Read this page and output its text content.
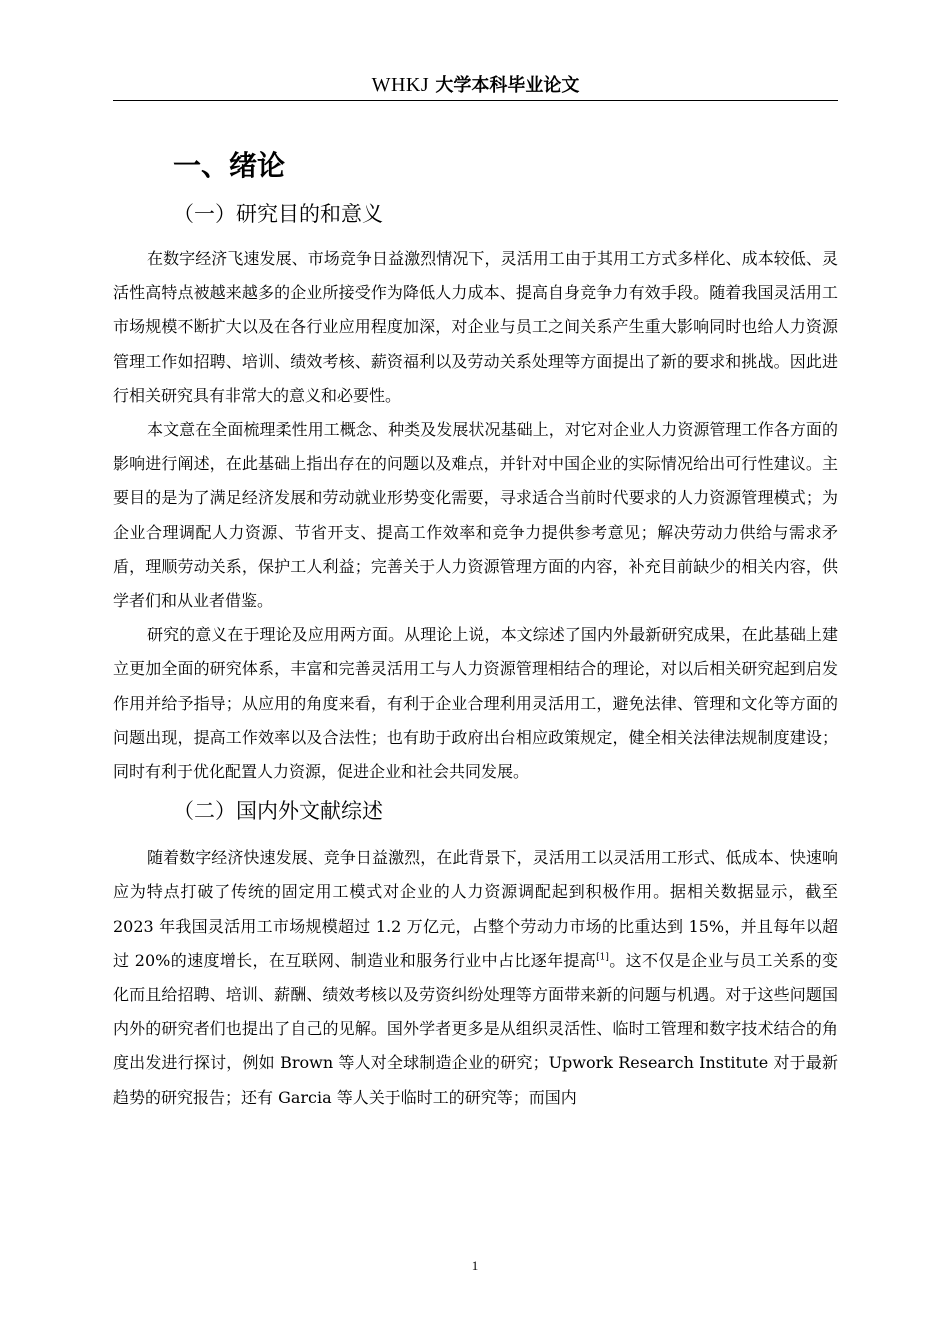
WHKJ 大学本科毕业论文
一、绪论
（一）研究目的和意义

在数字经济飞速发展、市场竞争日益激烈情况下，灵活用工由于其用工方式多样化、成本较低、灵活性高特点被越来越多的企业所接受作为降低人力成本、提高自身竞争力有效手段。随着我国灵活用工市场规模不断扩大以及在各行业应用程度加深，对企业与员工之间关系产生重大影响同时也给人力资源管理工作如招聘、培训、绩效考核、薪资福利以及劳动关系处理等方面提出了新的要求和挑战。因此进行相关研究具有非常大的意义和必要性。

本文意在全面梳理柔性用工概念、种类及发展状况基础上，对它对企业人力资源管理工作各方面的影响进行阐述，在此基础上指出存在的问题以及难点，并针对中国企业的实际情况给出可行性建议。主要目的是为了满足经济发展和劳动就业形势变化需要，寻求适合当前时代要求的人力资源管理模式；为企业合理调配人力资源、节省开支、提高工作效率和竞争力提供参考意见；解决劳动力供给与需求矛盾，理顺劳动关系，保护工人利益；完善关于人力资源管理方面的内容，补充目前缺少的相关内容，供学者们和从业者借鉴。

研究的意义在于理论及应用两方面。从理论上说，本文综述了国内外最新研究成果，在此基础上建立更加全面的研究体系，丰富和完善灵活用工与人力资源管理相结合的理论，对以后相关研究起到启发作用并给予指导；从应用的角度来看，有利于企业合理利用灵活用工，避免法律、管理和文化等方面的问题出现，提高工作效率以及合法性；也有助于政府出台相应政策规定，健全相关法律法规制度建设；同时有利于优化配置人力资源，促进企业和社会共同发展。

（二）国内外文献综述

随着数字经济快速发展、竞争日益激烈，在此背景下，灵活用工以灵活用工形式、低成本、快速响应为特点打破了传统的固定用工模式对企业的人力资源调配起到积极作用。据相关数据显示，截至 2023 年我国灵活用工市场规模超过 1.2 万亿元，占整个劳动力市场的比重达到 15%，并且每年以超过 20%的速度增长，在互联网、制造业和服务行业中占比逐年提高[1]。这不仅是企业与员工关系的变化而且给招聘、培训、薪酬、绩效考核以及劳资纠纷处理等方面带来新的问题与机遇。对于这些问题国内外的研究者们也提出了自己的见解。国外学者更多是从组织灵活性、临时工管理和数字技术结合的角度出发进行探讨，例如 Brown 等人对全球制造企业的研究；Upwork Research Institute 对于最新趋势的研究报告；还有 Garcia 等人关于临时工的研究等；而国内

1
